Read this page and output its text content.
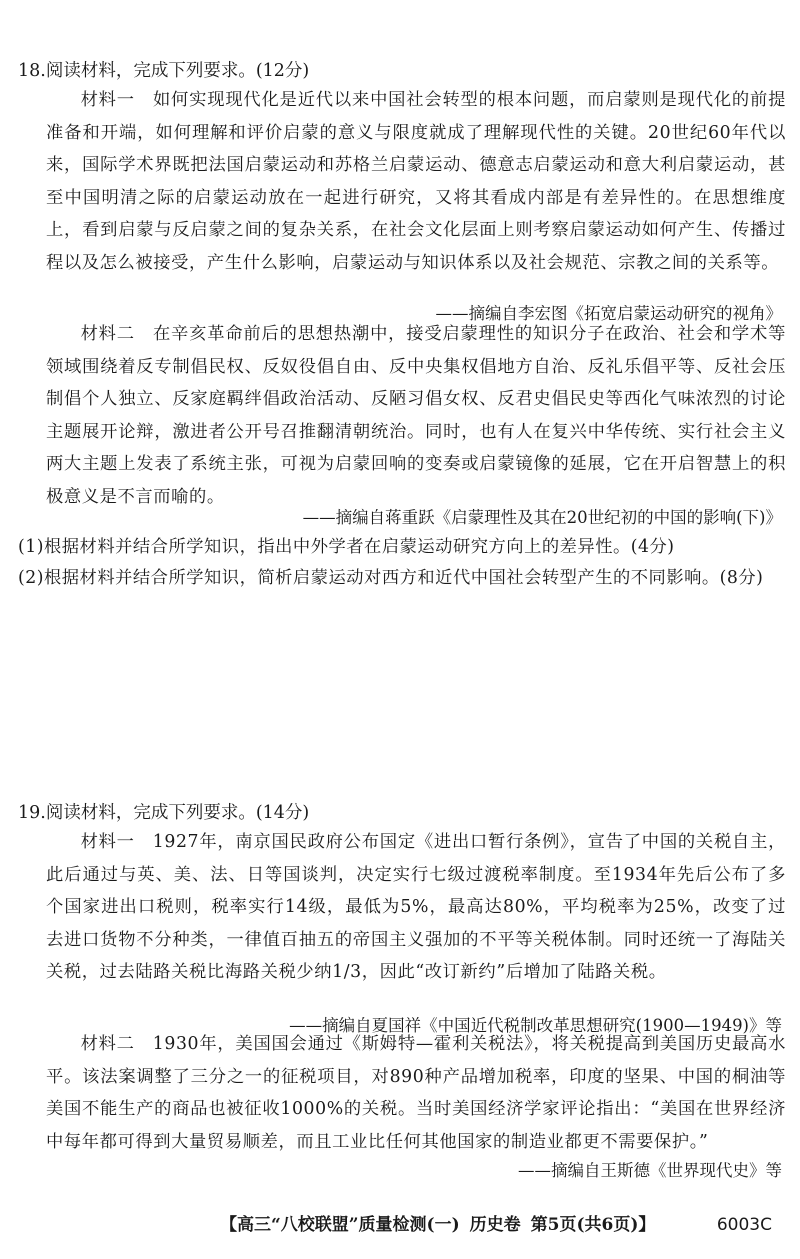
18.阅读材料，完成下列要求。(12分)
材料一　如何实现现代化是近代以来中国社会转型的根本问题，而启蒙则是现代化的前提准备和开端，如何理解和评价启蒙的意义与限度就成了理解现代性的关键。20世纪60年代以来，国际学术界既把法国启蒙运动和苏格兰启蒙运动、德意志启蒙运动和意大利启蒙运动，甚至中国明清之际的启蒙运动放在一起进行研究，又将其看成内部是有差异性的。在思想维度上，看到启蒙与反启蒙之间的复杂关系，在社会文化层面上则考察启蒙运动如何产生、传播过程以及怎么被接受，产生什么影响，启蒙运动与知识体系以及社会规范、宗教之间的关系等。
——摘编自李宏图《拓宽启蒙运动研究的视角》
材料二　在辛亥革命前后的思想热潮中，接受启蒙理性的知识分子在政治、社会和学术等领域围绕着反专制倡民权、反奴役倡自由、反中央集权倡地方自治、反礼乐倡平等、反社会压制倡个人独立、反家庭羁绊倡政治活动、反陋习倡女权、反君史倡民史等西化气味浓烈的讨论主题展开论辩，激进者公开号召推翻清朝统治。同时，也有人在复兴中华传统、实行社会主义两大主题上发表了系统主张，可视为启蒙回响的变奏或启蒙镜像的延展，它在开启智慧上的积极意义是不言而喻的。
——摘编自蒋重跃《启蒙理性及其在20世纪初的中国的影响(下)》
(1)根据材料并结合所学知识，指出中外学者在启蒙运动研究方向上的差异性。(4分)
(2)根据材料并结合所学知识，简析启蒙运动对西方和近代中国社会转型产生的不同影响。(8分)
19.阅读材料，完成下列要求。(14分)
材料一　1927年，南京国民政府公布国定《进出口暂行条例》，宣告了中国的关税自主，此后通过与英、美、法、日等国谈判，决定实行七级过渡税率制度。至1934年先后公布了多个国家进出口税则，税率实行14级，最低为5%，最高达80%，平均税率为25%，改变了过去进口货物不分种类，一律值百抽五的帝国主义强加的不平等关税体制。同时还统一了海陆关关税，过去陆路关税比海路关税少纳1/3，因此“改订新约”后增加了陆路关税。
——摘编自夏国祥《中国近代税制改革思想研究(1900—1949)》等
材料二　1930年，美国国会通过《斯姆特—霍利关税法》，将关税提高到美国历史最高水平。该法案调整了三分之一的征税项目，对890种产品增加税率，印度的坚果、中国的桐油等美国不能生产的商品也被征收1000%的关税。当时美国经济学家评论指出：“美国在世界经济中每年都可得到大量贸易顺差，而且工业比任何其他国家的制造业都更不需要保护。”
——摘编自王斯德《世界现代史》等
【高三“八校联盟”质量检测(一) 历史卷 第5页(共6页)】	6003C
